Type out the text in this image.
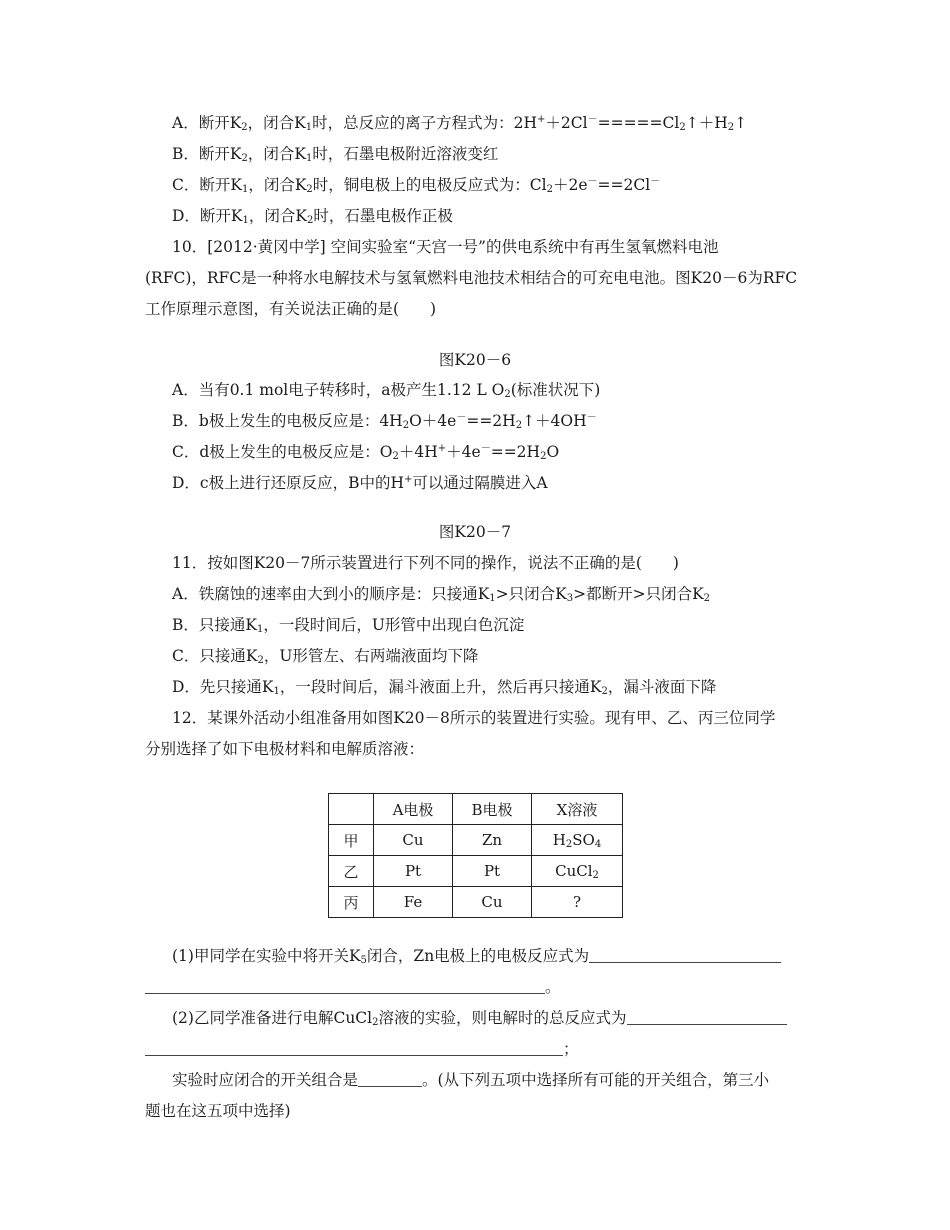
A．断开$K_2$，闭合$K_1$时，总反应的离子方程式为：$2H^++2Cl^-=====Cl_2↑+H_2↑$
B．断开$K_2$，闭合$K_1$时，石墨电极附近溶液变红
C．断开$K_1$，闭合$K_2$时，铜电极上的电极反应式为：$Cl_2+2e^-==2Cl^-$
D．断开$K_1$，闭合$K_2$时，石墨电极作正极
10．[2012·黄冈中学] 空间实验室“天宫一号”的供电系统中有再生氢氧燃料电池
(RFC)，RFC是一种将水电解技术与氢氧燃料电池技术相结合的可充电电池。图K20－6为RFC
工作原理示意图，有关说法正确的是(　　)
图K20－6
A．当有0.1 mol电子转移时，a极产生1.12 L $O_2$(标准状况下)
B．b极上发生的电极反应是：$4H_2O+4e^-==2H_2↑+4OH^-$
C．d极上发生的电极反应是：$O_2+4H^++4e^-==2H_2O$
D．c极上进行还原反应，B中的H+可以通过隔膜进入A
图K20－7
11．按如图K20－7所示装置进行下列不同的操作，说法不正确的是(　　)
A．铁腐蚀的速率由大到小的顺序是：只接通$K_1>$只闭合$K_3>$都断开>只闭合$K_2$
B．只接通$K_1$，一段时间后，U形管中出现白色沉淀
C．只接通$K_2$，U形管左、右两端液面均下降
D．先只接通$K_1$，一段时间后，漏斗液面上升，然后再只接通$K_2$，漏斗液面下降
12．某课外活动小组准备用如图K20－8所示的装置进行实验。现有甲、乙、丙三位同学
分别选择了如下电极材料和电解质溶液：
	A电极	B电极	X溶液
甲	Cu	Zn	$H_2SO_4$
乙	Pt	Pt	CuCl$_2$
丙	Fe	Cu	?
(1)甲同学在实验中将开关$K_5$闭合，Zn电极上的电极反应式为
。
(2)乙同学准备进行电解CuCl$_2$溶液的实验，则电解时的总反应式为
；
实验时应闭合的开关组合是	。(从下列五项中选择所有可能的开关组合，第三小
题也在这五项中选择)
